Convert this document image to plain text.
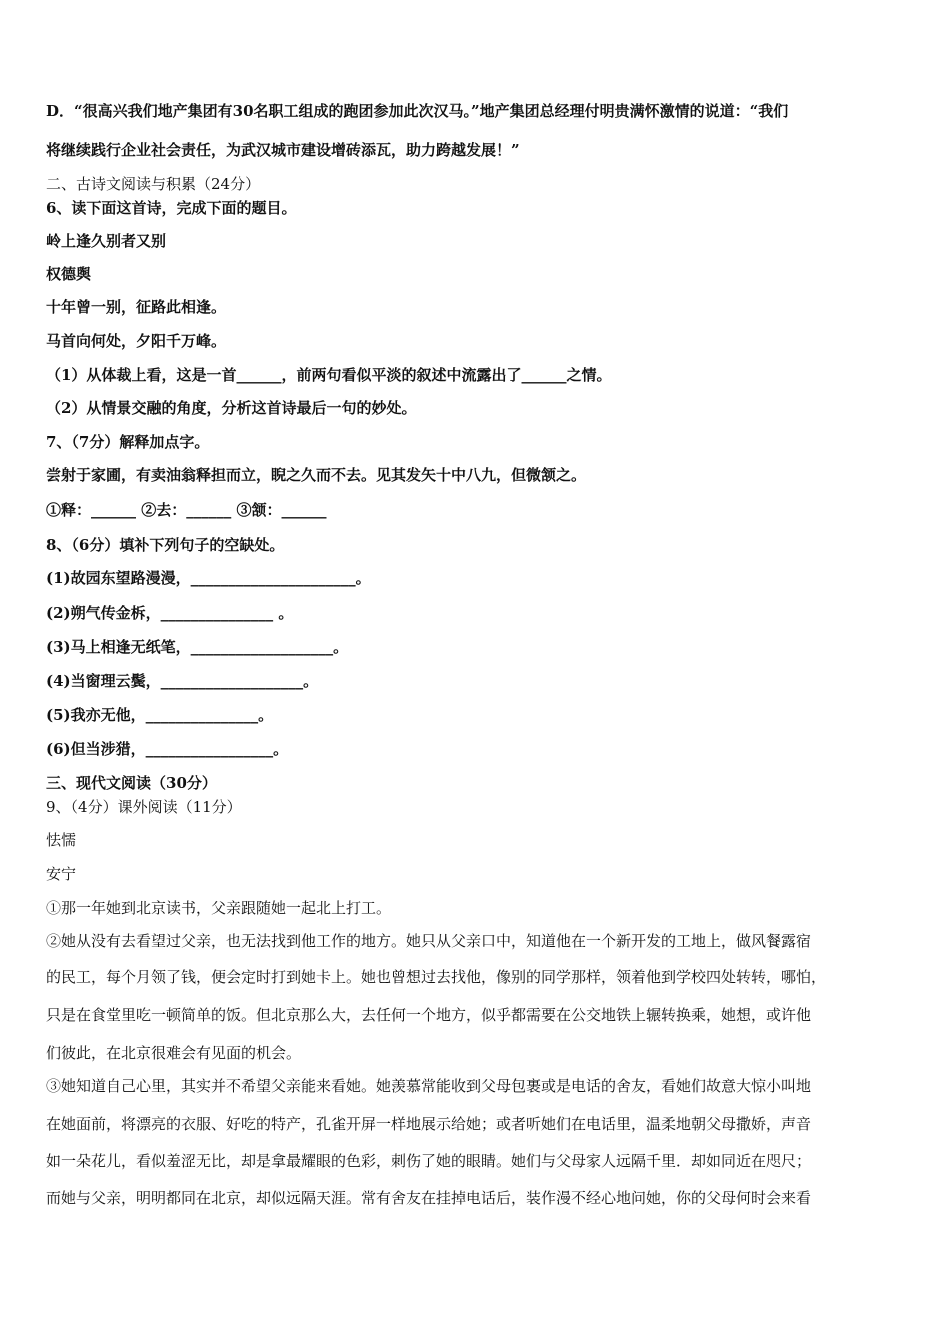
D．“很高兴我们地产集团有30名职工组成的跑团参加此次汉马。”地产集团总经理付明贵满怀激情的说道：“我们
将继续践行企业社会责任，为武汉城市建设增砖添瓦，助力跨越发展！”
二、古诗文阅读与积累（24分）
6、读下面这首诗，完成下面的题目。
岭上逢久别者又别
权德舆
十年曾一别，征路此相逢。
马首向何处，夕阳千万峰。
（1）从体裁上看，这是一首______，前两句看似平淡的叙述中流露出了______之情。
（2）从情景交融的角度，分析这首诗最后一句的妙处。
7、（7分）解释加点字。
尝射于家圃，有卖油翁释担而立，睨之久而不去。见其发矢十中八九，但微颔之。
①释：______ ②去：______ ③颔：______
8、（6分）填补下列句子的空缺处。
(1)故园东望路漫漫，______________________。
(2)朔气传金柝，_______________ 。
(3)马上相逢无纸笔，___________________。
(4)当窗理云鬓，___________________。
(5)我亦无他，_______________。
(6)但当涉猎，_________________。
三、现代文阅读（30分）
9、（4分）课外阅读（11分）
怯懦
安宁
①那一年她到北京读书，父亲跟随她一起北上打工。
②她从没有去看望过父亲，也无法找到他工作的地方。她只从父亲口中，知道他在一个新开发的工地上，做风餐露宿
的民工，每个月领了钱，便会定时打到她卡上。她也曾想过去找他，像别的同学那样，领着他到学校四处转转，哪怕，
只是在食堂里吃一顿简单的饭。但北京那么大，去任何一个地方，似乎都需要在公交地铁上辗转换乘，她想，或许他
们彼此，在北京很难会有见面的机会。
③她知道自己心里，其实并不希望父亲能来看她。她羡慕常能收到父母包裹或是电话的舍友，看她们故意大惊小叫地
在她面前，将漂亮的衣服、好吃的特产，孔雀开屏一样地展示给她；或者听她们在电话里，温柔地朝父母撒娇，声音
如一朵花儿，看似羞涩无比，却是拿最耀眼的色彩，刺伤了她的眼睛。她们与父母家人远隔千里．却如同近在咫尺；
而她与父亲，明明都同在北京，却似远隔天涯。常有舍友在挂掉电话后，装作漫不经心地问她，你的父母何时会来看
